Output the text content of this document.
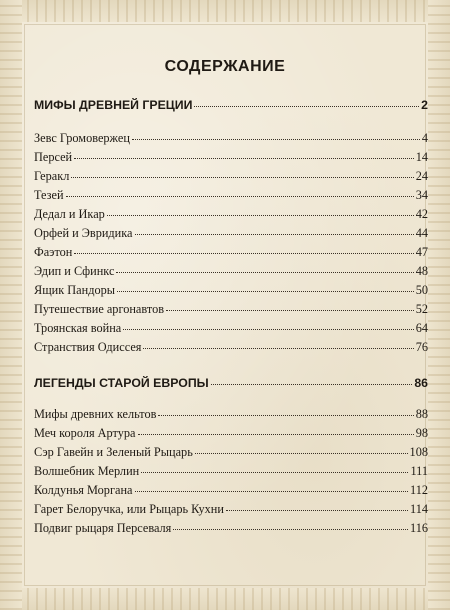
СОДЕРЖАНИЕ
МИФЫ ДРЕВНЕЙ ГРЕЦИИ	2
Зевс Громовержец	4
Персей	14
Геракл	24
Тезей	34
Дедал и Икар	42
Орфей и Эвридика	44
Фаэтон	47
Эдип и Сфинкс	48
Ящик Пандоры	50
Путешествие аргонавтов	52
Троянская война	64
Странствия Одиссея	76
ЛЕГЕНДЫ СТАРОЙ ЕВРОПЫ	86
Мифы древних кельтов	88
Меч короля Артура	98
Сэр Гавейн и Зеленый Рыцарь	108
Волшебник Мерлин	111
Колдунья Моргана	112
Гарет Белоручка, или Рыцарь Кухни	114
Подвиг рыцаря Персеваля	116
